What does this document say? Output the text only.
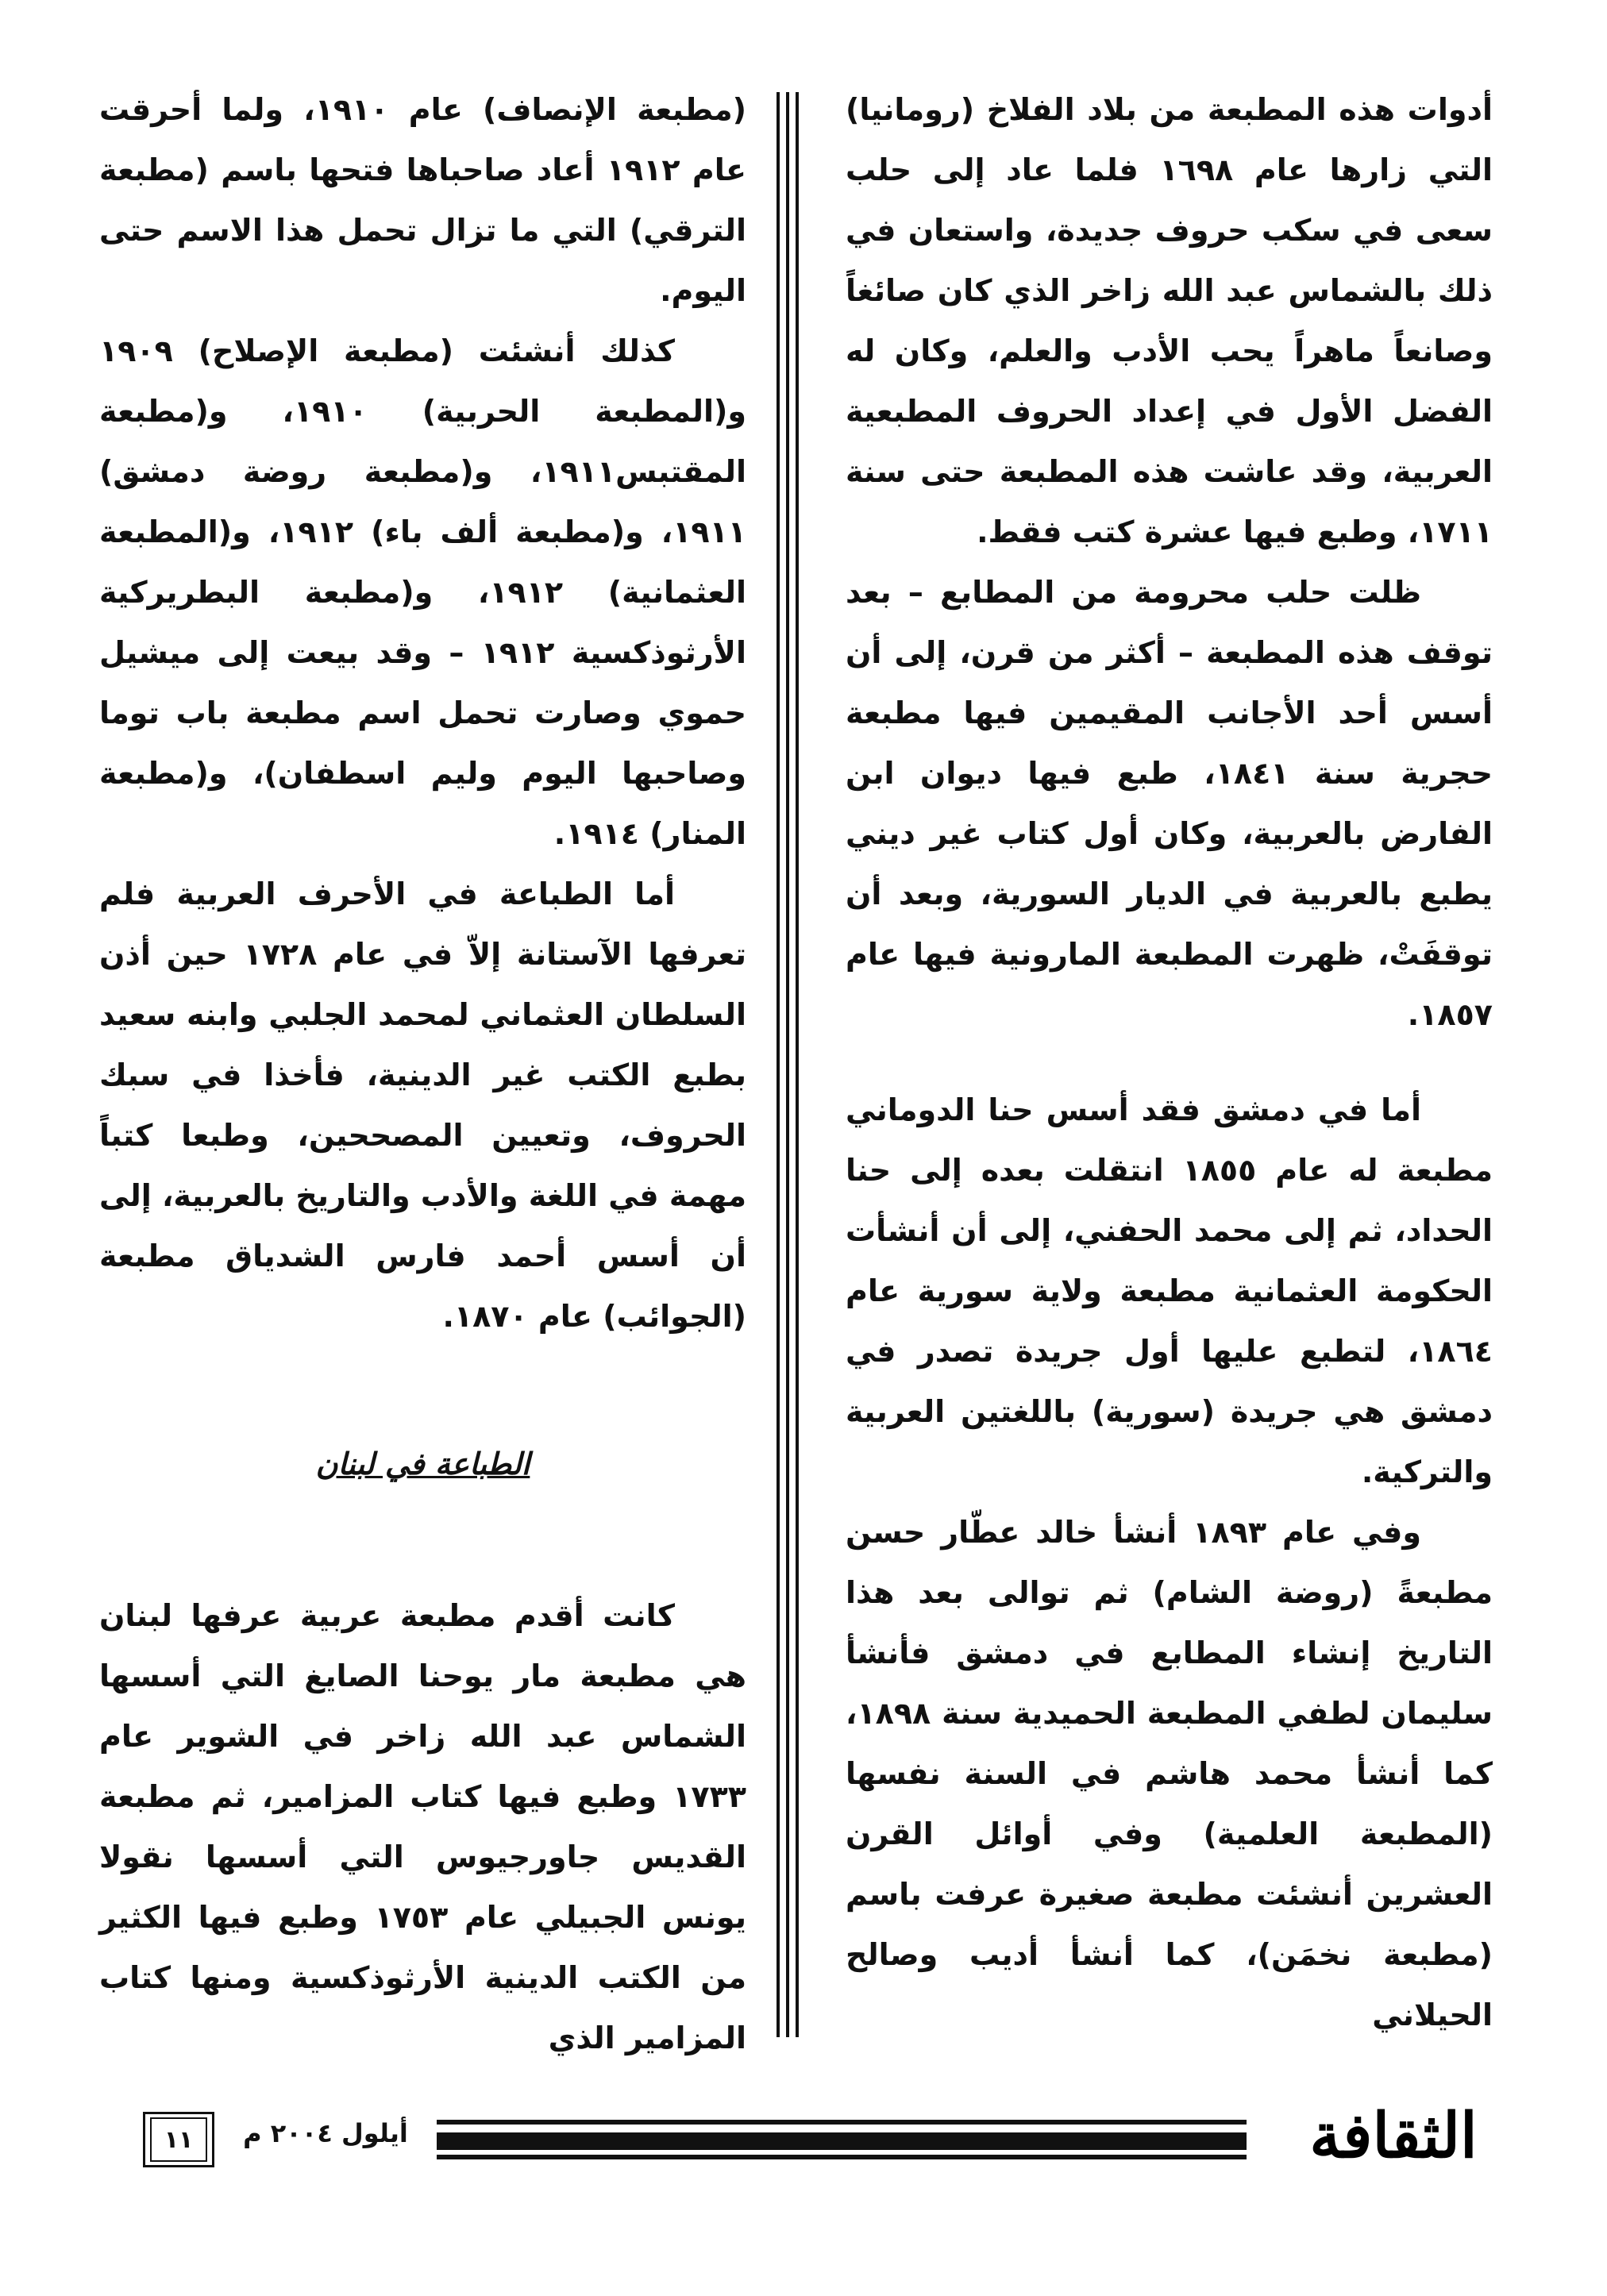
أدوات هذه المطبعة من بلاد الفلاخ (رومانيا) التي زارها عام ١٦٩٨ فلما عاد إلى حلب سعى في سكب حروف جديدة، واستعان في ذلك بالشماس عبد الله زاخر الذي كان صائغاً وصانعاً ماهراً يحب الأدب والعلم، وكان له الفضل الأول في إعداد الحروف المطبعية العربية، وقد عاشت هذه المطبعة حتى سنة ١٧١١، وطبع فيها عشرة كتب فقط.

ظلت حلب محرومة من المطابع – بعد توقف هذه المطبعة – أكثر من قرن، إلى أن أسس أحد الأجانب المقيمين فيها مطبعة حجرية سنة ١٨٤١، طبع فيها ديوان ابن الفارض بالعربية، وكان أول كتاب غير ديني يطبع بالعربية في الديار السورية، وبعد أن توقفَتْ، ظهرت المطبعة المارونية فيها عام ١٨٥٧.

أما في دمشق فقد أسس حنا الدوماني مطبعة له عام ١٨٥٥ انتقلت بعده إلى حنا الحداد، ثم إلى محمد الحفني، إلى أن أنشأت الحكومة العثمانية مطبعة ولاية سورية عام ١٨٦٤، لتطبع عليها أول جريدة تصدر في دمشق هي جريدة (سورية) باللغتين العربية والتركية.

وفي عام ١٨٩٣ أنشأ خالد عطّار حسن مطبعةً (روضة الشام) ثم توالى بعد هذا التاريخ إنشاء المطابع في دمشق فأنشأ سليمان لطفي المطبعة الحميدية سنة ١٨٩٨، كما أنشأ محمد هاشم في السنة نفسها (المطبعة العلمية) وفي أوائل القرن العشرين أنشئت مطبعة صغيرة عرفت باسم (مطبعة نخمَن)، كما أنشأ أديب وصالح الحيلاني

(مطبعة الإنصاف) عام ١٩١٠، ولما أحرقت عام ١٩١٢ أعاد صاحباها فتحها باسم (مطبعة الترقي) التي ما تزال تحمل هذا الاسم حتى اليوم.

كذلك أنشئت (مطبعة الإصلاح) ١٩٠٩ و(المطبعة الحربية) ١٩١٠، و(مطبعة المقتبس١٩١١، و(مطبعة روضة دمشق) ١٩١١، و(مطبعة ألف باء) ١٩١٢، و(المطبعة العثمانية) ١٩١٢، و(مطبعة البطريركية الأرثوذكسية ١٩١٢ – وقد بيعت إلى ميشيل حموي وصارت تحمل اسم مطبعة باب توما وصاحبها اليوم وليم اسطفان)، و(مطبعة المنار) ١٩١٤.

أما الطباعة في الأحرف العربية فلم تعرفها الآستانة إلاّ في عام ١٧٢٨ حين أذن السلطان العثماني لمحمد الجلبي وابنه سعيد بطبع الكتب غير الدينية، فأخذا في سبك الحروف، وتعيين المصححين، وطبعا كتباً مهمة في اللغة والأدب والتاريخ بالعربية، إلى أن أسس أحمد فارس الشدياق مطبعة (الجوائب) عام ١٨٧٠.

الطباعة في لبنان

كانت أقدم مطبعة عربية عرفها لبنان هي مطبعة مار يوحنا الصايغ التي أسسها الشماس عبد الله زاخر في الشوير عام ١٧٣٣ وطبع فيها كتاب المزامير، ثم مطبعة القديس جاورجيوس التي أسسها نقولا يونس الجبيلي عام ١٧٥٣ وطبع فيها الكثير من الكتب الدينية الأرثوذكسية ومنها كتاب المزامير الذي

١١	أيلول ٢٠٠٤ م	الثقافة
